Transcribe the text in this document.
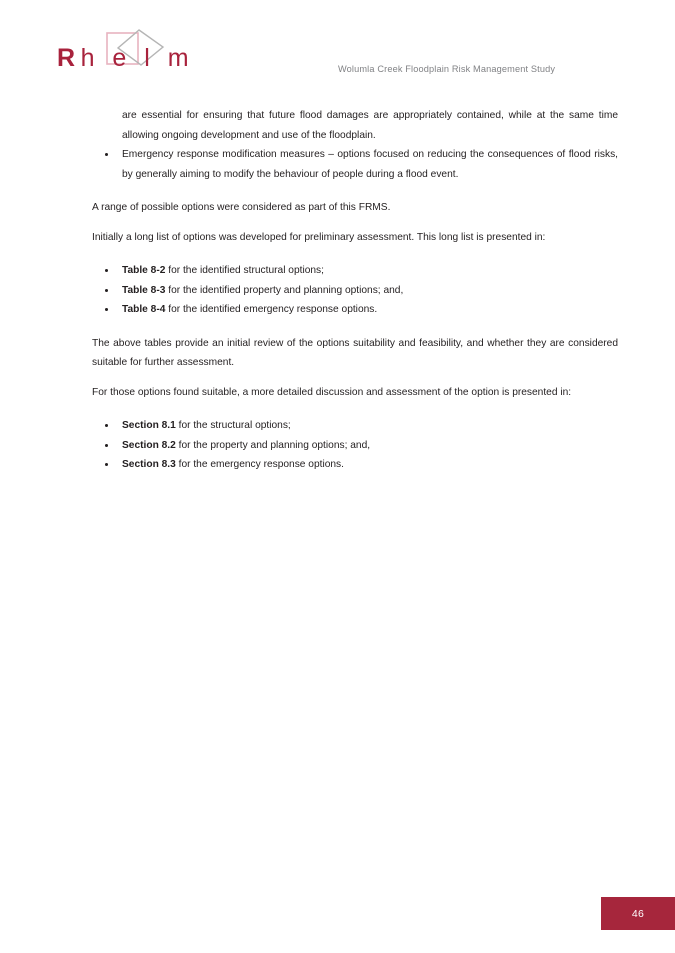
Rh e l m	Wolumla Creek Floodplain Risk Management Study

are essential for ensuring that future flood damages are appropriately contained, while at the same time allowing ongoing development and use of the floodplain.

Emergency response modification measures – options focused on reducing the consequences of flood risks, by generally aiming to modify the behaviour of people during a flood event.

A range of possible options were considered as part of this FRMS.

Initially a long list of options was developed for preliminary assessment. This long list is presented in:

Table 8-2 for the identified structural options;
Table 8-3 for the identified property and planning options; and,
Table 8-4 for the identified emergency response options.

The above tables provide an initial review of the options suitability and feasibility, and whether they are considered suitable for further assessment.

For those options found suitable, a more detailed discussion and assessment of the option is presented in:

Section 8.1 for the structural options;
Section 8.2 for the property and planning options; and,
Section 8.3 for the emergency response options.
46
